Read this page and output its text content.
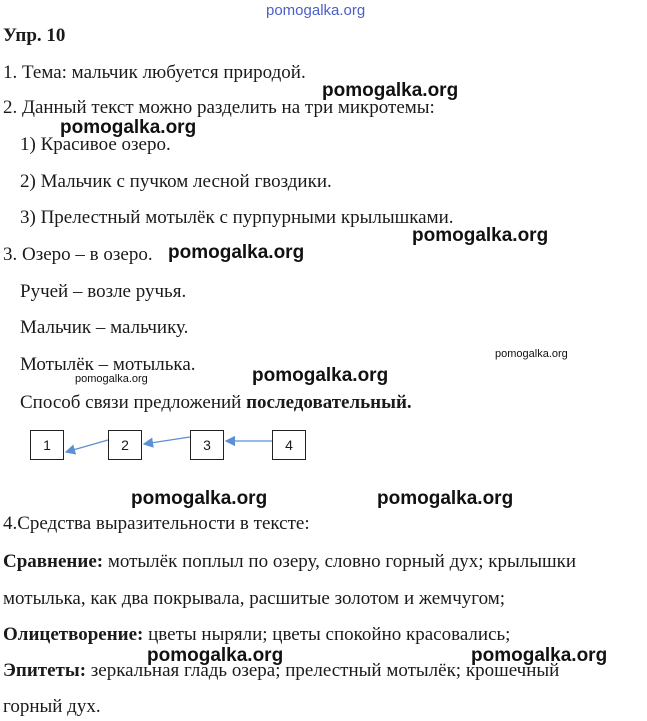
pomogalka.org
Упр. 10
1. Тема: мальчик любуется природой.
2. Данный текст можно разделить на три микротемы:
1) Красивое озеро.
2) Мальчик с пучком лесной гвоздики.
3) Прелестный мотылёк с пурпурными крылышками.
3. Озеро – в озеро.
Ручей – возле ручья.
Мальчик – мальчику.
Мотылёк – мотылька.
Способ связи предложений последовательный.
1	2	3	4
4.Средства выразительности в тексте:
Сравнение: мотылёк поплыл по озеру, словно горный дух; крылышки
мотылька, как два покрывала, расшитые золотом и жемчугом;
Олицетворение: цветы ныряли; цветы спокойно красовались;
Эпитеты: зеркальная гладь озера; прелестный мотылёк; крошечный
горный дух.
pomogalka.org
pomogalka.org
pomogalka.org
pomogalka.org
pomogalka.org
pomogalka.org
pomogalka.org
pomogalka.org	pomogalka.org
pomogalka.org	pomogalka.org
